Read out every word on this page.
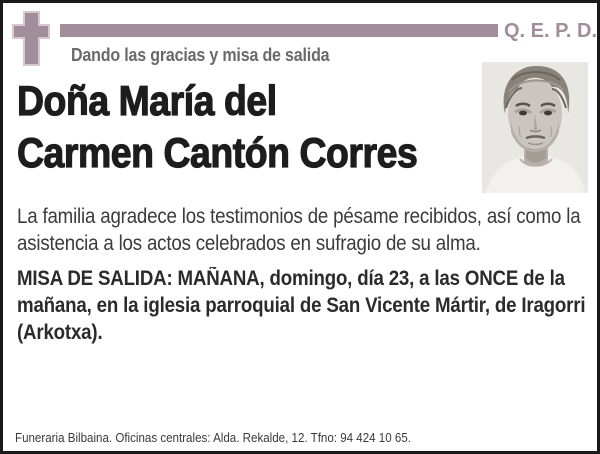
Q. E. P. D.
Dando las gracias y misa de salida
Doña María del
Carmen Cantón Corres

La familia agradece los testimonios de pésame recibidos, así como la asistencia a los actos celebrados en sufragio de su alma.

MISA DE SALIDA: MAÑANA, domingo, día 23, a las ONCE de la mañana, en la iglesia parroquial de San Vicente Mártir, de Iragorri (Arkotxa).

Funeraria Bilbaina. Oficinas centrales: Alda. Rekalde, 12. Tfno: 94 424 10 65.
